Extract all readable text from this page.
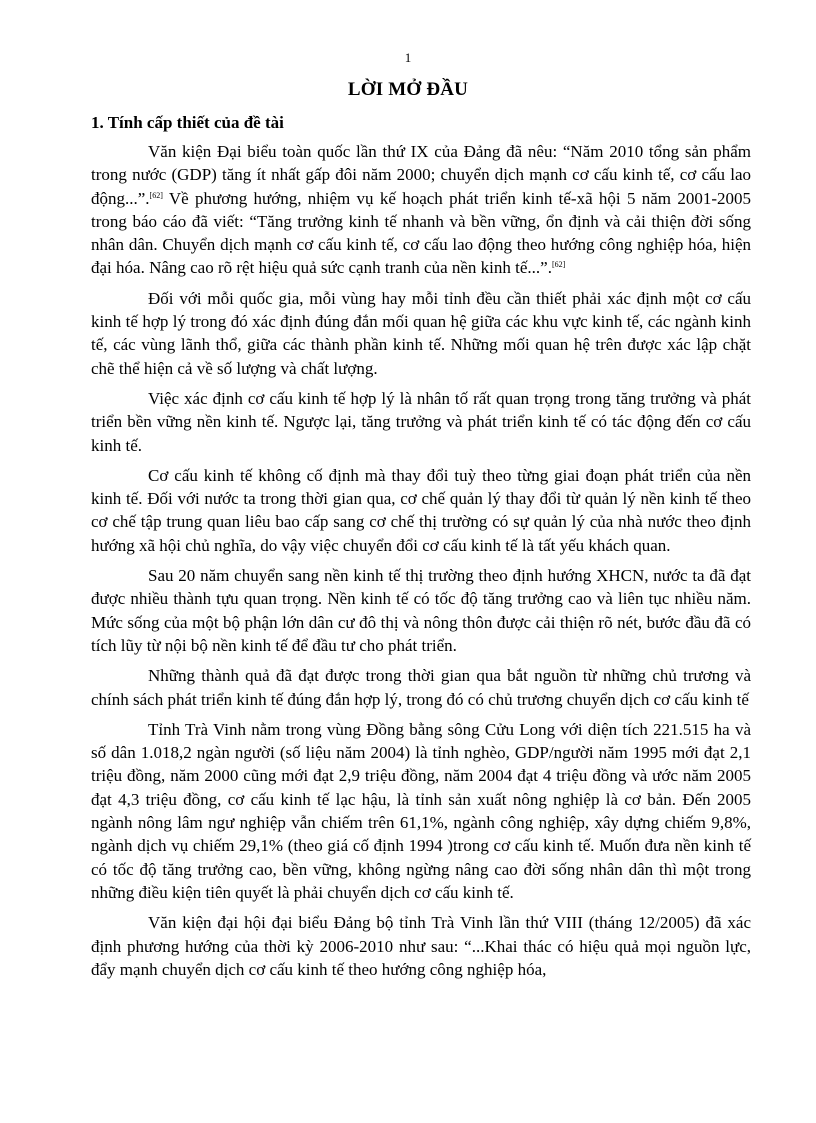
1
LỜI MỞ ĐẦU
1. Tính cấp thiết của đề tài

Văn kiện Đại biểu toàn quốc lần thứ IX của Đảng đã nêu: “Năm 2010 tổng sản phẩm trong nước (GDP) tăng ít nhất gấp đôi năm 2000; chuyển dịch mạnh cơ cấu kinh tế, cơ cấu lao động...”.[62] Về phương hướng, nhiệm vụ kế hoạch phát triển kinh tế-xã hội 5 năm 2001-2005 trong báo cáo đã viết: “Tăng trưởng kinh tế nhanh và bền vững, ổn định và cải thiện đời sống nhân dân. Chuyển dịch mạnh cơ cấu kinh tế, cơ cấu lao động theo hướng công nghiệp hóa, hiện đại hóa. Nâng cao rõ rệt hiệu quả sức cạnh tranh của nền kinh tế...”.[62]

Đối với mỗi quốc gia, mỗi vùng hay mỗi tỉnh đều cần thiết phải xác định một cơ cấu kinh tế hợp lý trong đó xác định đúng đắn mối quan hệ giữa các khu vực kinh tế, các ngành kinh tế, các vùng lãnh thổ, giữa các thành phần kinh tế. Những mối quan hệ trên được xác lập chặt chẽ thể hiện cả về số lượng và chất lượng.

Việc xác định cơ cấu kinh tế hợp lý là nhân tố rất quan trọng trong tăng trưởng và phát triển bền vững nền kinh tế. Ngược lại, tăng trưởng và phát triển kinh tế có tác động đến cơ cấu kinh tế.

Cơ cấu kinh tế không cố định mà thay đổi tuỳ theo từng giai đoạn phát triển của nền kinh tế. Đối với nước ta trong thời gian qua, cơ chế quản lý thay đổi từ quản lý nền kinh tế theo cơ chế tập trung quan liêu bao cấp sang cơ chế thị trường có sự quản lý của nhà nước theo định hướng xã hội chủ nghĩa, do vậy việc chuyển đổi cơ cấu kinh tế là tất yếu khách quan.

Sau 20 năm chuyển sang nền kinh tế thị trường theo định hướng XHCN, nước ta đã đạt được nhiều thành tựu quan trọng. Nền kinh tế có tốc độ tăng trưởng cao và liên tục nhiều năm. Mức sống của một bộ phận lớn dân cư đô thị và nông thôn được cải thiện rõ nét, bước đầu đã có tích lũy từ nội bộ nền kinh tế để đầu tư cho phát triển.

Những thành quả đã đạt được trong thời gian qua bắt nguồn từ những chủ trương và chính sách phát triển kinh tế đúng đắn hợp lý, trong đó có chủ trương chuyển dịch cơ cấu kinh tế

Tỉnh Trà Vinh nằm trong vùng Đồng bằng sông Cửu Long với diện tích 221.515 ha và số dân 1.018,2 ngàn người (số liệu năm 2004) là tỉnh nghèo, GDP/người năm 1995 mới đạt 2,1 triệu đồng, năm 2000 cũng mới đạt 2,9 triệu đồng, năm 2004 đạt 4 triệu đồng và ước năm 2005 đạt 4,3 triệu đồng, cơ cấu kinh tế lạc hậu, là tỉnh sản xuất nông nghiệp là cơ bản. Đến 2005 ngành nông lâm ngư nghiệp vẫn chiếm trên 61,1%, ngành công nghiệp, xây dựng chiếm 9,8%, ngành dịch vụ chiếm 29,1% (theo giá cố định 1994 )trong cơ cấu kinh tế. Muốn đưa nền kinh tế có tốc độ tăng trưởng cao, bền vững, không ngừng nâng cao đời sống nhân dân thì một trong những điều kiện tiên quyết là phải chuyển dịch cơ cấu kinh tế.

Văn kiện đại hội đại biểu Đảng bộ tỉnh Trà Vinh lần thứ VIII (tháng 12/2005) đã xác định phương hướng của thời kỳ 2006-2010 như sau: “...Khai thác có hiệu quả mọi nguồn lực, đẩy mạnh chuyển dịch cơ cấu kinh tế theo hướng công nghiệp hóa,
